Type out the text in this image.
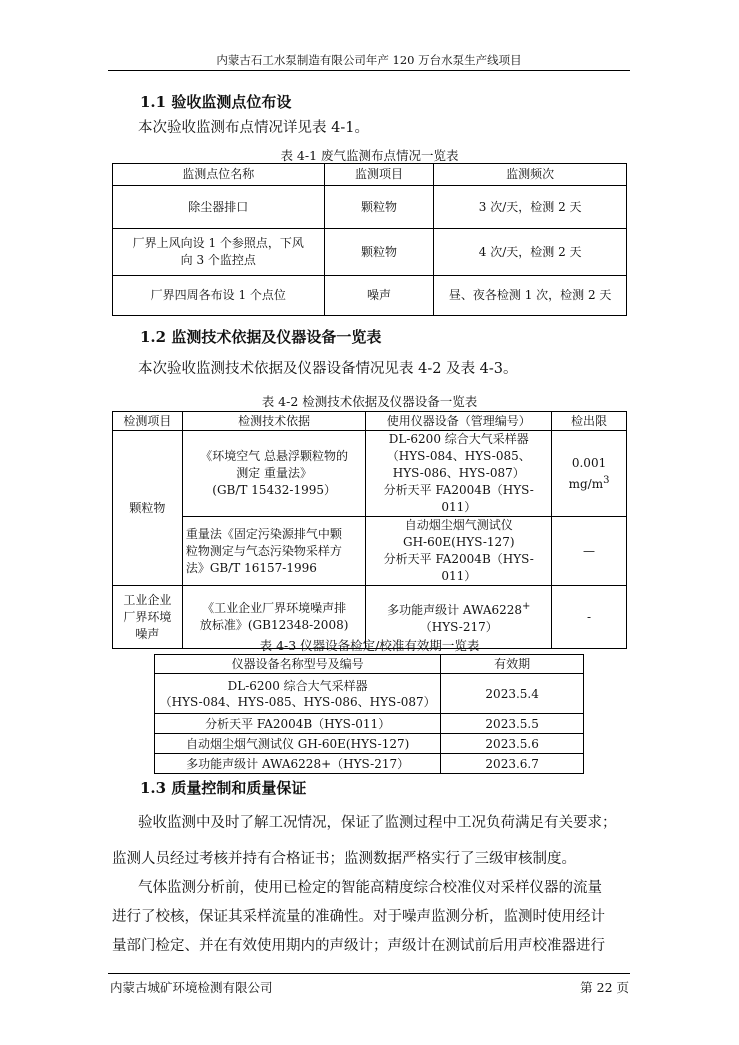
内蒙古石工水泵制造有限公司年产 120 万台水泵生产线项目
1.1 验收监测点位布设
本次验收监测布点情况详见表 4-1。
表 4-1 废气监测布点情况一览表
监测点位名称	监测项目	监测频次
除尘器排口	颗粒物	3 次/天，检测 2 天
厂界上风向设 1 个参照点，下风
向 3 个监控点	颗粒物	4 次/天，检测 2 天
厂界四周各布设 1 个点位	噪声	昼、夜各检测 1 次，检测 2 天
1.2 监测技术依据及仪器设备一览表
本次验收监测技术依据及仪器设备情况见表 4-2 及表 4-3。
表 4-2 检测技术依据及仪器设备一览表
检测项目	检测技术依据	使用仪器设备（管理编号）	检出限
颗粒物	《环境空气 总悬浮颗粒物的
测定 重量法》
(GB/T 15432-1995）	DL-6200 综合大气采样器
（HYS-084、HYS-085、
HYS-086、HYS-087）
分析天平 FA2004B（HYS-011）	0.001
$mg/m^3$
	重量法《固定污染源排气中颗
粒物测定与气态污染物采样方
法》GB/T 16157-1996	自动烟尘烟气测试仪
GH-60E(HYS-127)
分析天平 FA2004B（HYS-011）	—
工业企业
厂界环境
噪声	《工业企业厂界环境噪声排
放标准》(GB12348-2008)	多功能声级计 AWA6228+
（HYS-217）	-
表 4-3 仪器设备检定/校准有效期一览表
仪器设备名称型号及编号	有效期
DL-6200 综合大气采样器
（HYS-084、HYS-085、HYS-086、HYS-087）	2023.5.4
分析天平 FA2004B（HYS-011）	2023.5.5
自动烟尘烟气测试仪 GH-60E(HYS-127)	2023.5.6
多功能声级计 AWA6228+（HYS-217）	2023.6.7
1.3 质量控制和质量保证
验收监测中及时了解工况情况，保证了监测过程中工况负荷满足有关要求；
监测人员经过考核并持有合格证书；监测数据严格实行了三级审核制度。
气体监测分析前，使用已检定的智能高精度综合校准仪对采样仪器的流量
进行了校核，保证其采样流量的准确性。对于噪声监测分析，监测时使用经计
量部门检定、并在有效使用期内的声级计；声级计在测试前后用声校准器进行
内蒙古城矿环境检测有限公司	第 22 页
